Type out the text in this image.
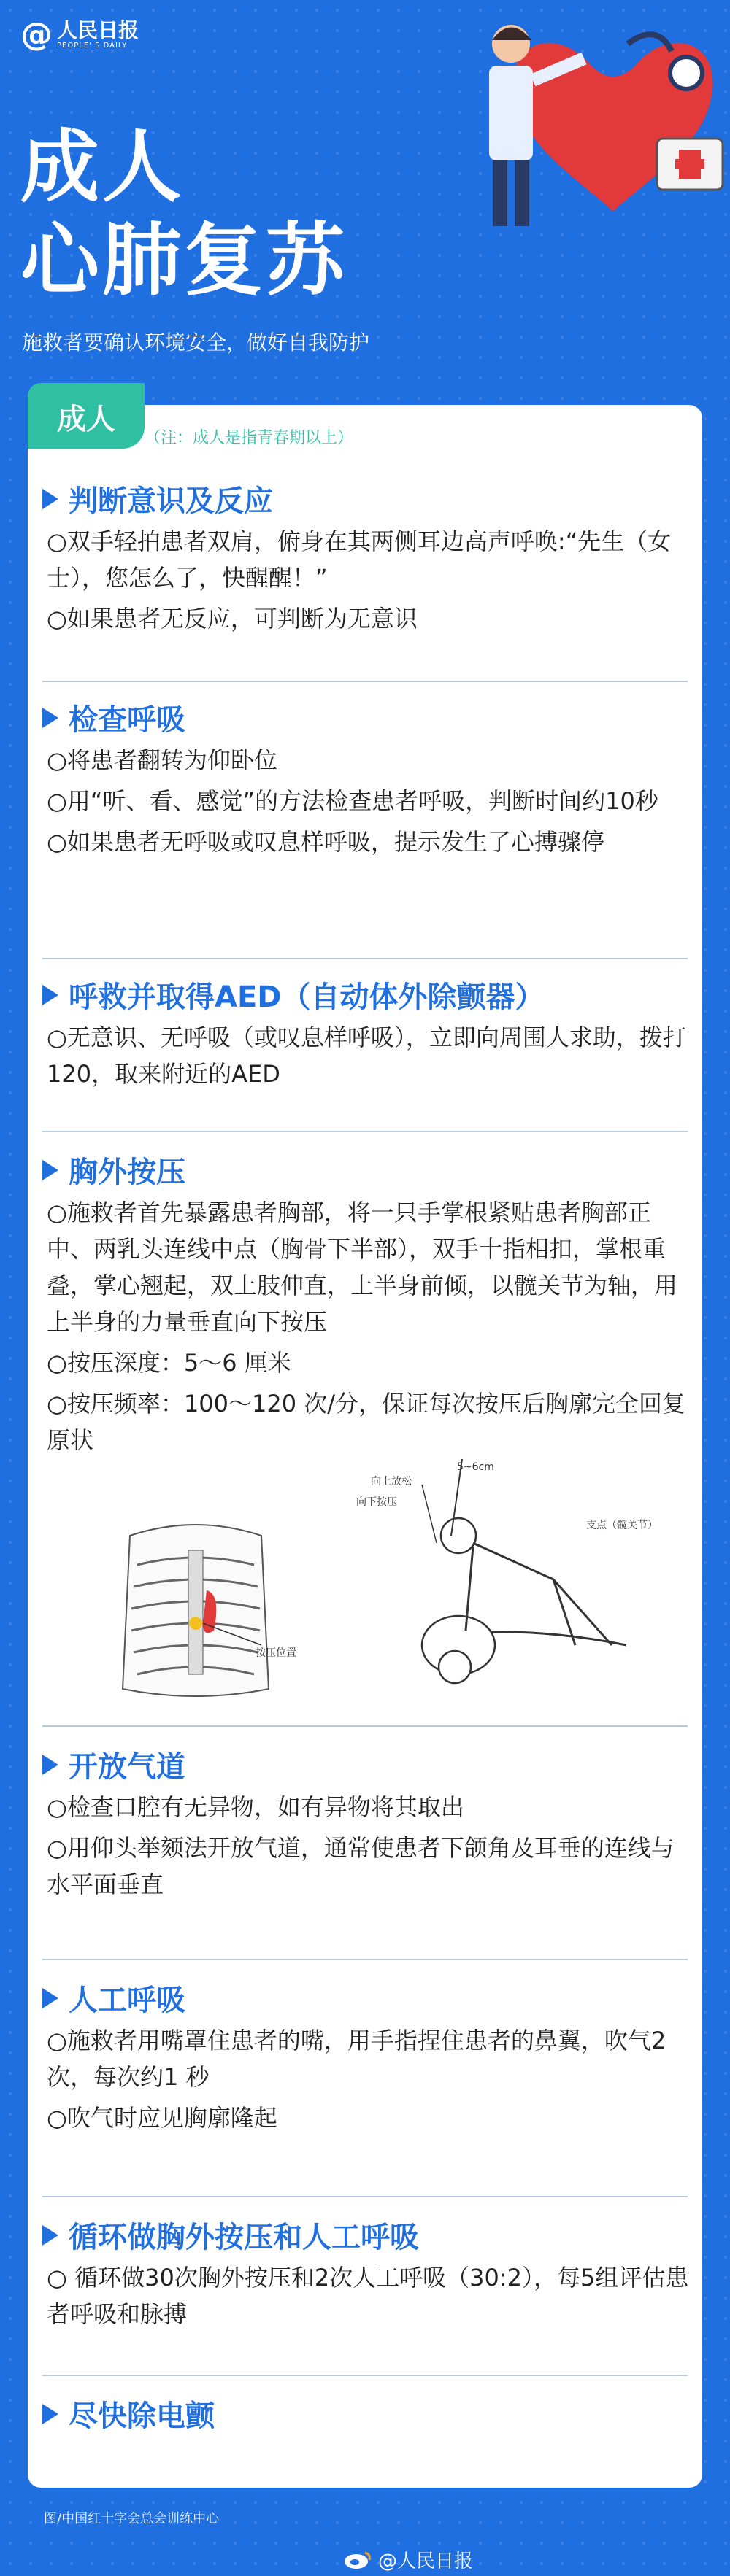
@ 人民日报
PEOPLE' S DAILY
成人
心肺复苏
施救者要确认环境安全，做好自我防护
成人
（注：成人是指青春期以上）
判断意识及反应

○双手轻拍患者双肩，俯身在其两侧耳边高声呼唤:“先生（女士），您怎么了，快醒醒！”

○如果患者无反应，可判断为无意识

检查呼吸

○将患者翻转为仰卧位

○用“听、看、感觉”的方法检查患者呼吸，判断时间约10秒

○如果患者无呼吸或叹息样呼吸，提示发生了心搏骤停

呼救并取得AED（自动体外除颤器）

○无意识、无呼吸（或叹息样呼吸），立即向周围人求助，拨打120，取来附近的AED

胸外按压

○施救者首先暴露患者胸部，将一只手掌根紧贴患者胸部正中、两乳头连线中点（胸骨下半部），双手十指相扣，掌根重叠，掌心翘起，双上肢伸直，上半身前倾，以髋关节为轴，用上半身的力量垂直向下按压

○按压深度：5～6 厘米

○按压频率：100～120 次/分，保证每次按压后胸廓完全回复原状

按压位置
向上放松
向下按压
5~6cm
支点（髋关节）
开放气道

○检查口腔有无异物，如有异物将其取出

○用仰头举颏法开放气道，通常使患者下颌角及耳垂的连线与水平面垂直

人工呼吸

○施救者用嘴罩住患者的嘴，用手指捏住患者的鼻翼，吹气2次，每次约1 秒

○吹气时应见胸廓隆起

循环做胸外按压和人工呼吸

○ 循环做30次胸外按压和2次人工呼吸（30:2），每5组评估患者呼吸和脉搏

尽快除电颤
图/中国红十字会总会训练中心
@人民日报
